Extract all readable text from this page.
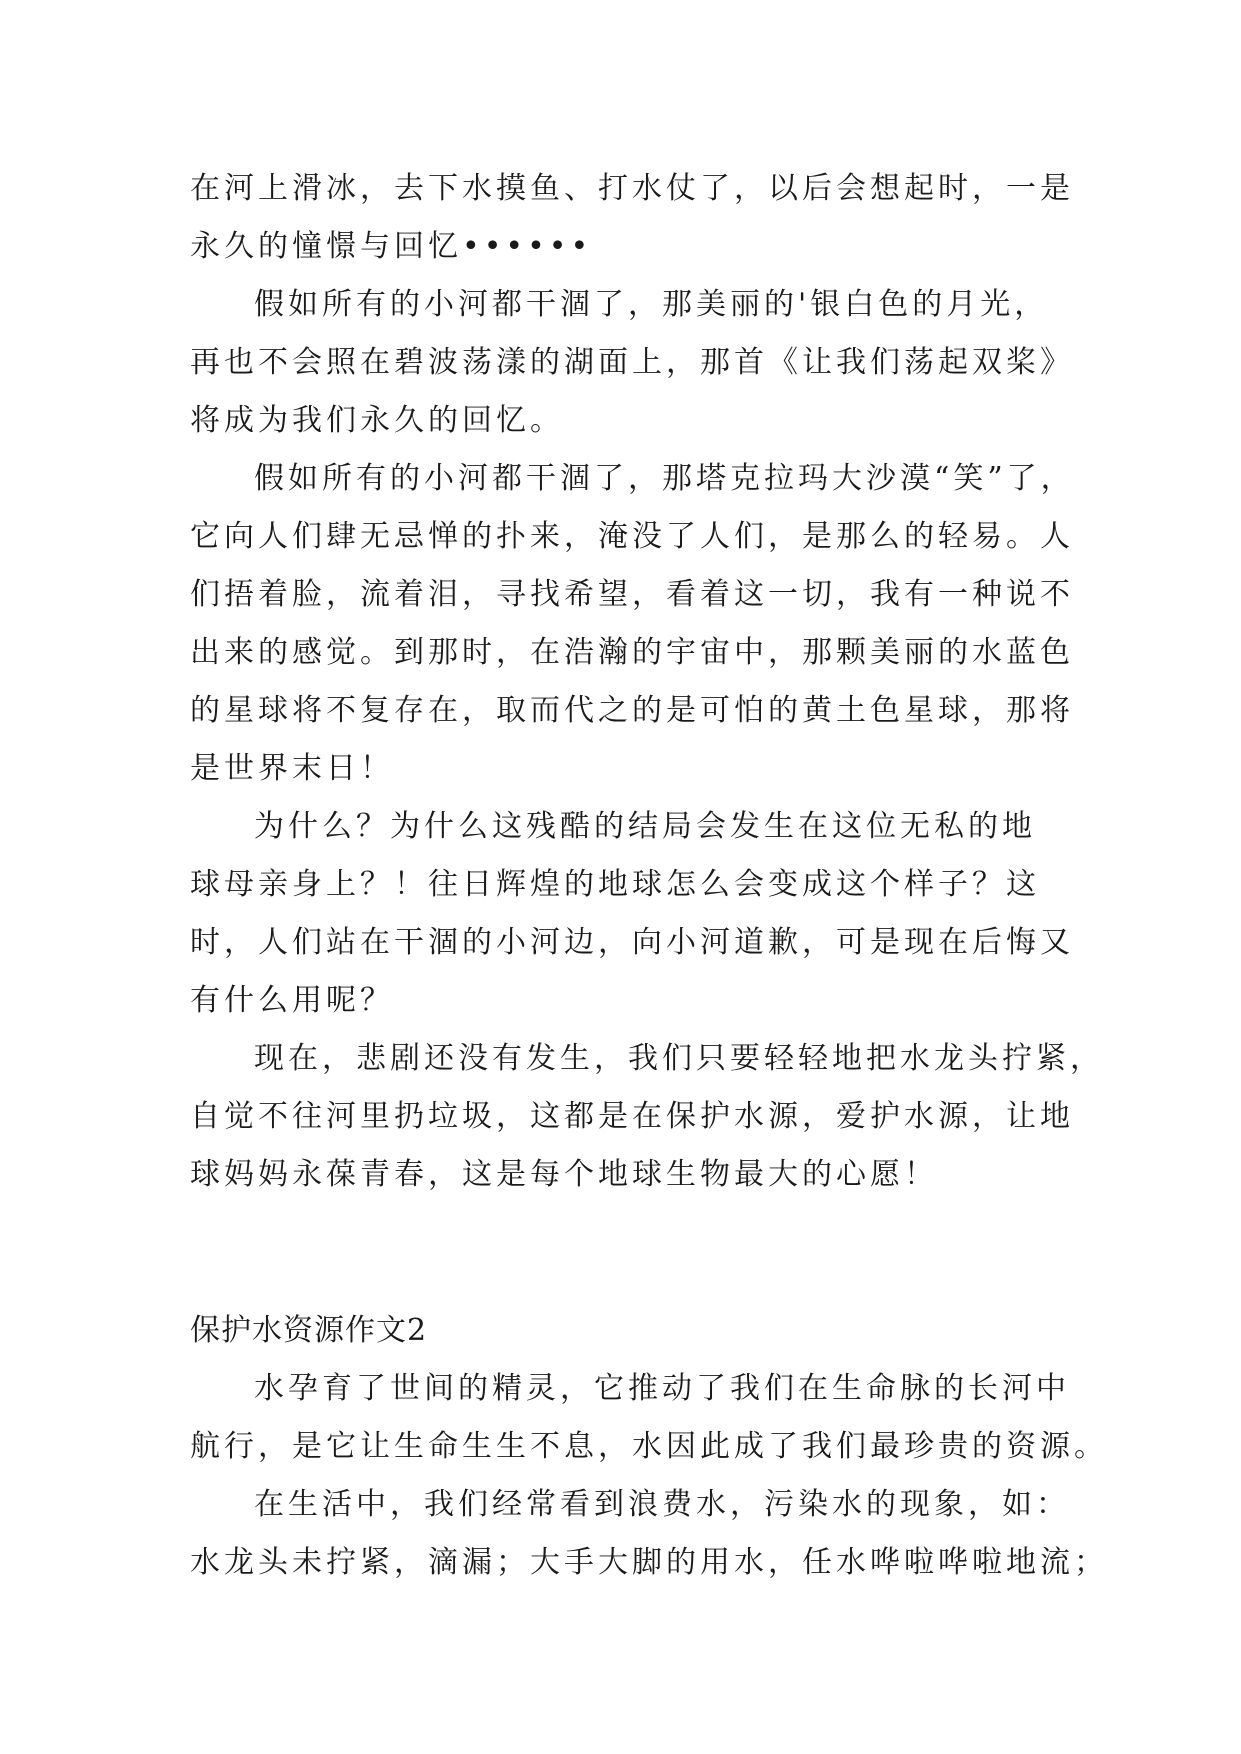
在河上滑冰，去下水摸鱼、打水仗了，以后会想起时，一是
永久的憧憬与回忆••••••
假如所有的小河都干涸了，那美丽的'银白色的月光，
再也不会照在碧波荡漾的湖面上，那首《让我们荡起双桨》
将成为我们永久的回忆。
假如所有的小河都干涸了，那塔克拉玛大沙漠“笑”了，
它向人们肆无忌惮的扑来，淹没了人们，是那么的轻易。人
们捂着脸，流着泪，寻找希望，看着这一切，我有一种说不
出来的感觉。到那时，在浩瀚的宇宙中，那颗美丽的水蓝色
的星球将不复存在，取而代之的是可怕的黄土色星球，那将
是世界末日！
为什么？为什么这残酷的结局会发生在这位无私的地
球母亲身上？！往日辉煌的地球怎么会变成这个样子？这
时，人们站在干涸的小河边，向小河道歉，可是现在后悔又
有什么用呢？
现在，悲剧还没有发生，我们只要轻轻地把水龙头拧紧，
自觉不往河里扔垃圾，这都是在保护水源，爱护水源，让地
球妈妈永葆青春，这是每个地球生物最大的心愿！
保护水资源作文2
水孕育了世间的精灵，它推动了我们在生命脉的长河中
航行，是它让生命生生不息，水因此成了我们最珍贵的资源。
在生活中，我们经常看到浪费水，污染水的现象，如：
水龙头未拧紧，滴漏；大手大脚的用水，任水哗啦哗啦地流；
